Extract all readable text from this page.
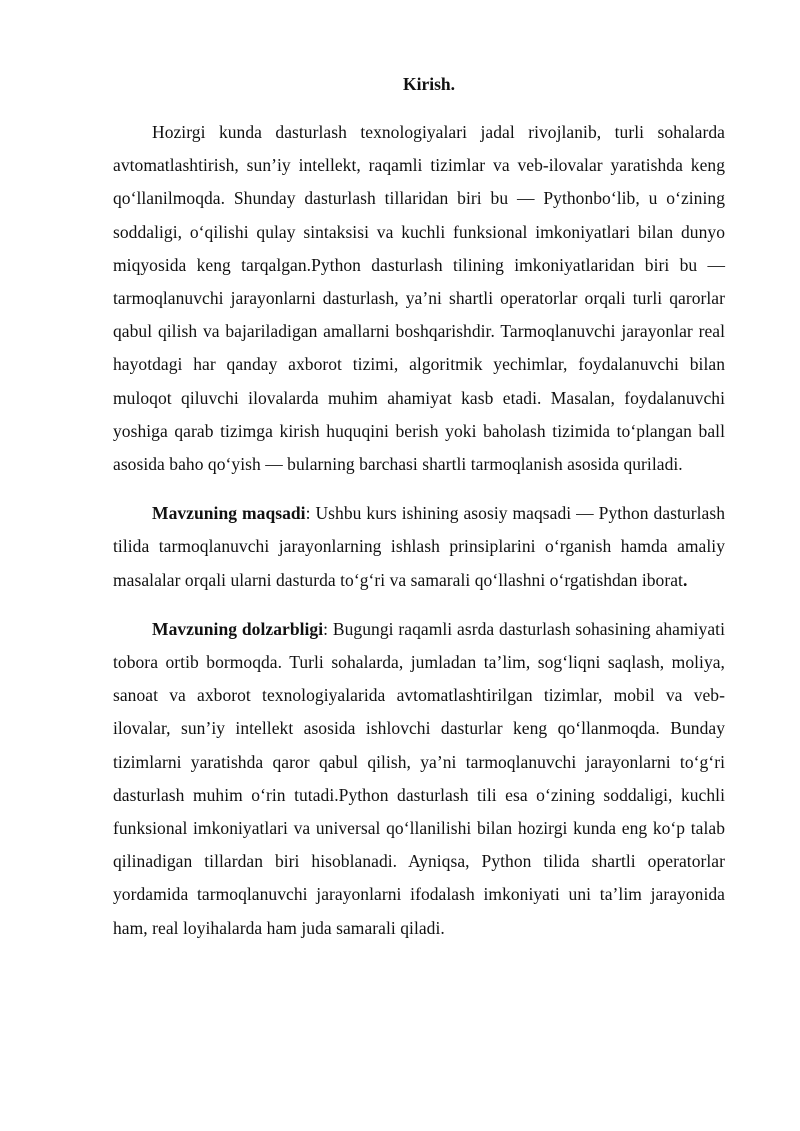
Kirish.

Hozirgi kunda dasturlash texnologiyalari jadal rivojlanib, turli sohalarda avtomatlashtirish, sun’iy intellekt, raqamli tizimlar va veb-ilovalar yaratishda keng qo‘llanilmoqda. Shunday dasturlash tillaridan biri bu — Pythonbo‘lib, u o‘zining soddaligi, o‘qilishi qulay sintaksisi va kuchli funksional imkoniyatlari bilan dunyo miqyosida keng tarqalgan.Python dasturlash tilining imkoniyatlaridan biri bu — tarmoqlanuvchi jarayonlarni dasturlash, ya’ni shartli operatorlar orqali turli qarorlar qabul qilish va bajariladigan amallarni boshqarishdir. Tarmoqlanuvchi jarayonlar real hayotdagi har qanday axborot tizimi, algoritmik yechimlar, foydalanuvchi bilan muloqot qiluvchi ilovalarda muhim ahamiyat kasb etadi. Masalan, foydalanuvchi yoshiga qarab tizimga kirish huquqini berish yoki baholash tizimida to‘plangan ball asosida baho qo‘yish — bularning barchasi shartli tarmoqlanish asosida quriladi.

Mavzuning maqsadi: Ushbu kurs ishining asosiy maqsadi — Python dasturlash tilida tarmoqlanuvchi jarayonlarning ishlash prinsiplarini o‘rganish hamda amaliy masalalar orqali ularni dasturda to‘g‘ri va samarali qo‘llashni o‘rgatishdan iborat.

Mavzuning dolzarbligi: Bugungi raqamli asrda dasturlash sohasining ahamiyati tobora ortib bormoqda. Turli sohalarda, jumladan ta’lim, sog‘liqni saqlash, moliya, sanoat va axborot texnologiyalarida avtomatlashtirilgan tizimlar, mobil va veb-ilovalar, sun’iy intellekt asosida ishlovchi dasturlar keng qo‘llanmoqda. Bunday tizimlarni yaratishda qaror qabul qilish, ya’ni tarmoqlanuvchi jarayonlarni to‘g‘ri dasturlash muhim o‘rin tutadi.Python dasturlash tili esa o‘zining soddaligi, kuchli funksional imkoniyatlari va universal qo‘llanilishi bilan hozirgi kunda eng ko‘p talab qilinadigan tillardan biri hisoblanadi. Ayniqsa, Python tilida shartli operatorlar yordamida tarmoqlanuvchi jarayonlarni ifodalash imkoniyati uni ta’lim jarayonida ham, real loyihalarda ham juda samarali qiladi.
